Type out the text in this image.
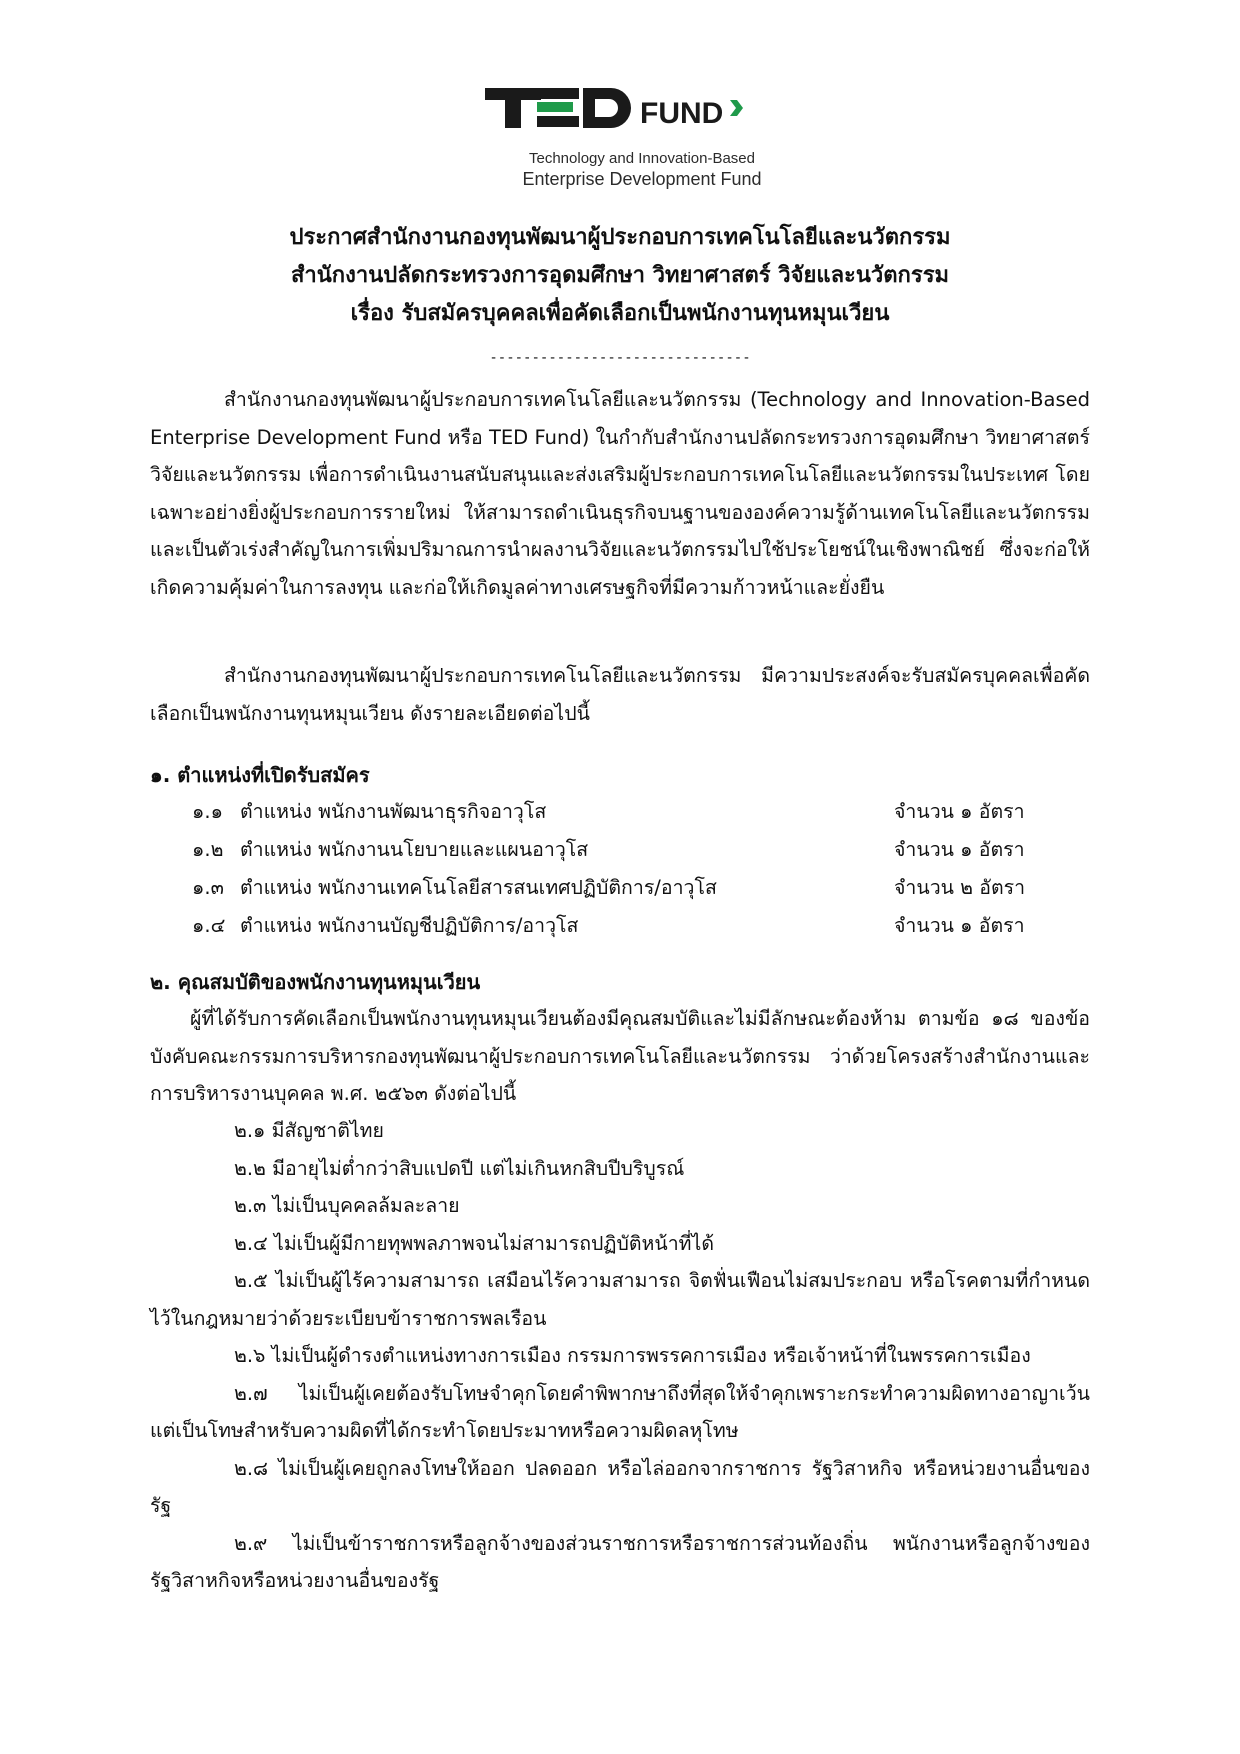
FUND
Technology and Innovation-Based
Enterprise Development Fund
ประกาศสำนักงานกองทุนพัฒนาผู้ประกอบการเทคโนโลยีและนวัตกรรม
สำนักงานปลัดกระทรวงการอุดมศึกษา วิทยาศาสตร์ วิจัยและนวัตกรรม
เรื่อง รับสมัครบุคคลเพื่อคัดเลือกเป็นพนักงานทุนหมุนเวียน
-------------------------------

สำนักงานกองทุนพัฒนาผู้ประกอบการเทคโนโลยีและนวัตกรรม (Technology and Innovation-Based Enterprise Development Fund หรือ TED Fund) ในกำกับสำนักงานปลัดกระทรวงการอุดมศึกษา วิทยาศาสตร์ วิจัยและนวัตกรรม เพื่อการดำเนินงานสนับสนุนและส่งเสริมผู้ประกอบการเทคโนโลยีและนวัตกรรมในประเทศ โดยเฉพาะอย่างยิ่งผู้ประกอบการรายใหม่ ให้สามารถดำเนินธุรกิจบนฐานขององค์ความรู้ด้านเทคโนโลยีและนวัตกรรม และเป็นตัวเร่งสำคัญในการเพิ่มปริมาณการนำผลงานวิจัยและนวัตกรรมไปใช้ประโยชน์ในเชิงพาณิชย์ ซึ่งจะก่อให้เกิดความคุ้มค่าในการลงทุน และก่อให้เกิดมูลค่าทางเศรษฐกิจที่มีความก้าวหน้าและยั่งยืน

สำนักงานกองทุนพัฒนาผู้ประกอบการเทคโนโลยีและนวัตกรรม มีความประสงค์จะรับสมัครบุคคลเพื่อคัดเลือกเป็นพนักงานทุนหมุนเวียน ดังรายละเอียดต่อไปนี้

๑. ตำแหน่งที่เปิดรับสมัคร
๑.๑ ตำแหน่ง พนักงานพัฒนาธุรกิจอาวุโส	จำนวน ๑ อัตรา
๑.๒ ตำแหน่ง พนักงานนโยบายและแผนอาวุโส	จำนวน ๑ อัตรา
๑.๓ ตำแหน่ง พนักงานเทคโนโลยีสารสนเทศปฏิบัติการ/อาวุโส	จำนวน ๒ อัตรา
๑.๔ ตำแหน่ง พนักงานบัญชีปฏิบัติการ/อาวุโส	จำนวน ๑ อัตรา
๒. คุณสมบัติของพนักงานทุนหมุนเวียน

ผู้ที่ได้รับการคัดเลือกเป็นพนักงานทุนหมุนเวียนต้องมีคุณสมบัติและไม่มีลักษณะต้องห้าม ตามข้อ ๑๘ ของข้อบังคับคณะกรรมการบริหารกองทุนพัฒนาผู้ประกอบการเทคโนโลยีและนวัตกรรม ว่าด้วยโครงสร้างสำนักงานและการบริหารงานบุคคล พ.ศ. ๒๕๖๓ ดังต่อไปนี้

๒.๑ มีสัญชาติไทย

๒.๒ มีอายุไม่ต่ำกว่าสิบแปดปี แต่ไม่เกินหกสิบปีบริบูรณ์

๒.๓ ไม่เป็นบุคคลล้มละลาย

๒.๔ ไม่เป็นผู้มีกายทุพพลภาพจนไม่สามารถปฏิบัติหน้าที่ได้

๒.๕ ไม่เป็นผู้ไร้ความสามารถ เสมือนไร้ความสามารถ จิตฟั่นเฟือนไม่สมประกอบ หรือโรคตามที่กำหนดไว้ในกฎหมายว่าด้วยระเบียบข้าราชการพลเรือน

๒.๖ ไม่เป็นผู้ดำรงตำแหน่งทางการเมือง กรรมการพรรคการเมือง หรือเจ้าหน้าที่ในพรรคการเมือง

๒.๗ ไม่เป็นผู้เคยต้องรับโทษจำคุกโดยคำพิพากษาถึงที่สุดให้จำคุกเพราะกระทำความผิดทางอาญาเว้นแต่เป็นโทษสำหรับความผิดที่ได้กระทำโดยประมาทหรือความผิดลหุโทษ

๒.๘ ไม่เป็นผู้เคยถูกลงโทษให้ออก ปลดออก หรือไล่ออกจากราชการ รัฐวิสาหกิจ หรือหน่วยงานอื่นของรัฐ

๒.๙ ไม่เป็นข้าราชการหรือลูกจ้างของส่วนราชการหรือราชการส่วนท้องถิ่น พนักงานหรือลูกจ้างของรัฐวิสาหกิจหรือหน่วยงานอื่นของรัฐ
